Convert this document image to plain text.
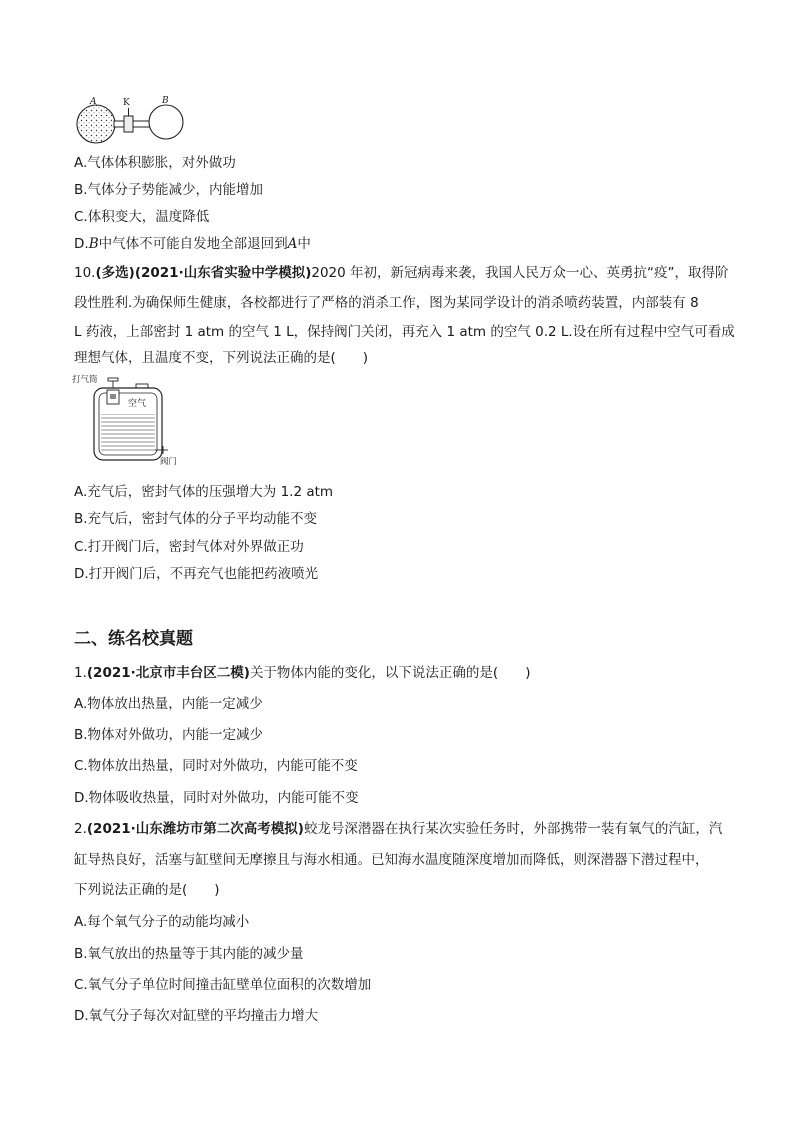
A	K	B
A.气体体积膨胀，对外做功
B.气体分子势能减少，内能增加
C.体积变大，温度降低
D.B中气体不可能自发地全部退回到A中
10.(多选)(2021·山东省实验中学模拟)2020 年初，新冠病毒来袭，我国人民万众一心、英勇抗“疫”，取得阶
段性胜利.为确保师生健康，各校都进行了严格的消杀工作，图为某同学设计的消杀喷药装置，内部装有 8
L 药液，上部密封 1 atm 的空气 1 L，保持阀门关闭，再充入 1 atm 的空气 0.2 L.设在所有过程中空气可看成
理想气体，且温度不变，下列说法正确的是(　　)
打气筒
空气
阀门
A.充气后，密封气体的压强增大为 1.2 atm
B.充气后，密封气体的分子平均动能不变
C.打开阀门后，密封气体对外界做正功
D.打开阀门后，不再充气也能把药液喷光
二、练名校真题
1.(2021·北京市丰台区二模)关于物体内能的变化，以下说法正确的是(　　)
A.物体放出热量，内能一定减少
B.物体对外做功，内能一定减少
C.物体放出热量，同时对外做功，内能可能不变
D.物体吸收热量，同时对外做功，内能可能不变
2.(2021·山东潍坊市第二次高考模拟)蛟龙号深潜器在执行某次实验任务时，外部携带一装有氧气的汽缸，汽
缸导热良好，活塞与缸壁间无摩擦且与海水相通。已知海水温度随深度增加而降低，则深潜器下潜过程中，
下列说法正确的是(　　)
A.每个氧气分子的动能均减小
B.氧气放出的热量等于其内能的减少量
C.氧气分子单位时间撞击缸壁单位面积的次数增加
D.氧气分子每次对缸壁的平均撞击力增大
